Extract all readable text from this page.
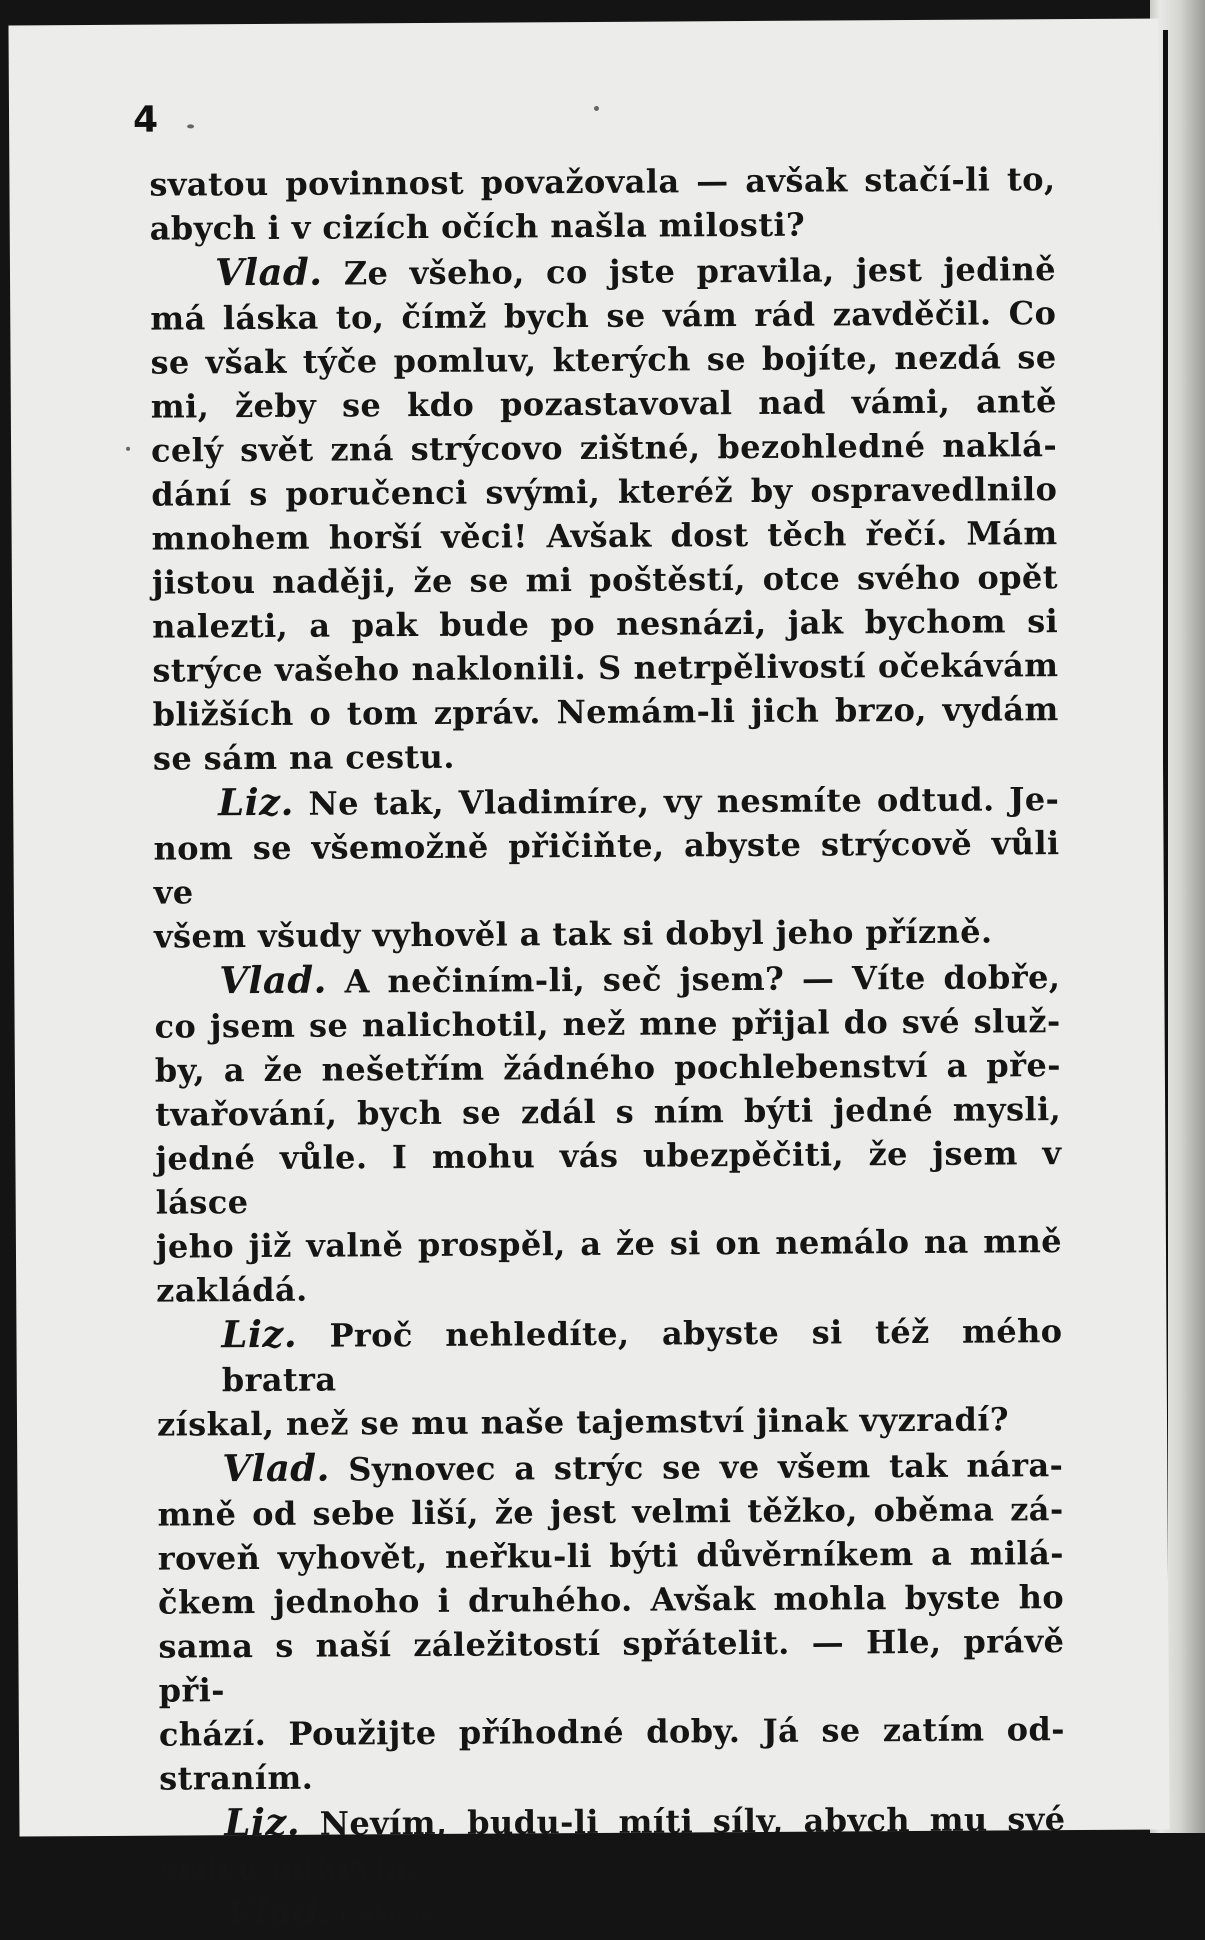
4
svatou povinnost považovala — avšak stačí-li to,
abych i v cizích očích našla milosti?
Vlad. Ze všeho, co jste pravila, jest jedině
má láska to, čímž bych se vám rád zavděčil. Co
se však týče pomluv, kterých se bojíte, nezdá se
mi, žeby se kdo pozastavoval nad vámi, antě
celý svět zná strýcovo zištné, bezohledné naklá-
dání s poručenci svými, kteréž by ospravedlnilo
mnohem horší věci! Avšak dost těch řečí. Mám
jistou naději, že se mi poštěstí, otce svého opět
nalezti, a pak bude po nesnázi, jak bychom si
strýce vašeho naklonili. S netrpělivostí očekávám
bližších o tom zpráv. Nemám-li jich brzo, vydám
se sám na cestu.
Liz. Ne tak, Vladimíre, vy nesmíte odtud. Je-
nom se všemožně přičiňte, abyste strýcově vůli ve
všem všudy vyhověl a tak si dobyl jeho přízně.
Vlad. A nečiním-li, seč jsem? — Víte dobře,
co jsem se nalichotil, než mne přijal do své služ-
by, a že nešetřím žádného pochlebenství a pře-
tvařování, bych se zdál s ním býti jedné mysli,
jedné vůle. I mohu vás ubezpěčiti, že jsem v lásce
jeho již valně prospěl, a že si on nemálo na mně
zakládá.
Liz. Proč nehledíte, abyste si též mého bratra
získal, než se mu naše tajemství jinak vyzradí?
Vlad. Synovec a strýc se ve všem tak nára-
mně od sebe liší, že jest velmi těžko, oběma zá-
roveň vyhovět, neřku-li býti důvěrníkem a milá-
čkem jednoho i druhého. Avšak mohla byste ho
sama s naší záležitostí spřátelit. — Hle, právě při-
chází. Použijte příhodné doby. Já se zatím od-
straním.
Liz. Nevím, budu-li míti síly, abych mu své
srdce odkryla.
Vlad. (odejde.)
